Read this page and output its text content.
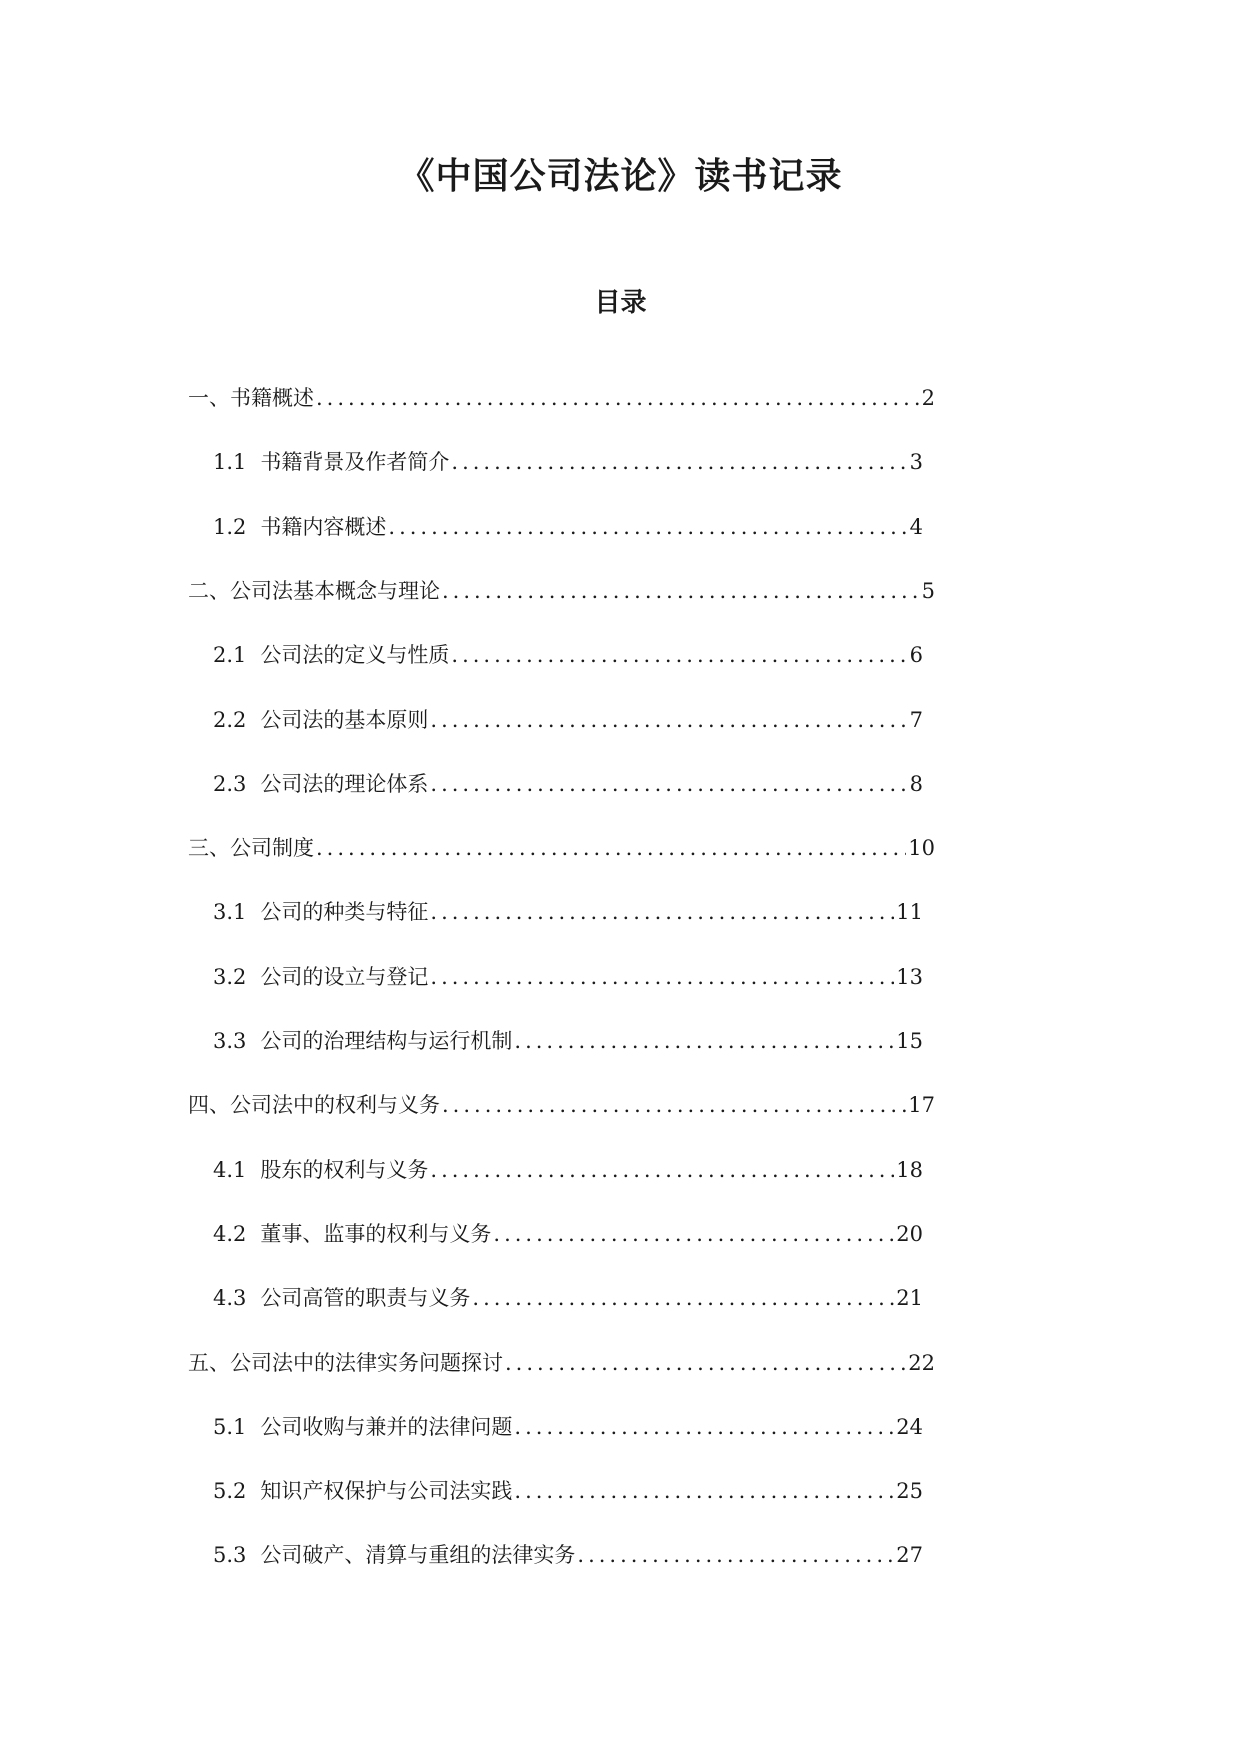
《中国公司法论》读书记录
目录
一、书籍概述 .....	2
1.1 书籍背景及作者简介 .....	3
1.2 书籍内容概述 .....	4
二、公司法基本概念与理论 .....	5
2.1 公司法的定义与性质 .....	6
2.2 公司法的基本原则 .....	7
2.3 公司法的理论体系 .....	8
三、公司制度 .....	10
3.1 公司的种类与特征 .....	11
3.2 公司的设立与登记 .....	13
3.3 公司的治理结构与运行机制 .....	15
四、公司法中的权利与义务 .....	17
4.1 股东的权利与义务 .....	18
4.2 董事、监事的权利与义务 .....	20
4.3 公司高管的职责与义务 .....	21
五、公司法中的法律实务问题探讨 .....	22
5.1 公司收购与兼并的法律问题 .....	24
5.2 知识产权保护与公司法实践 .....	25
5.3 公司破产、清算与重组的法律实务 .....	27
